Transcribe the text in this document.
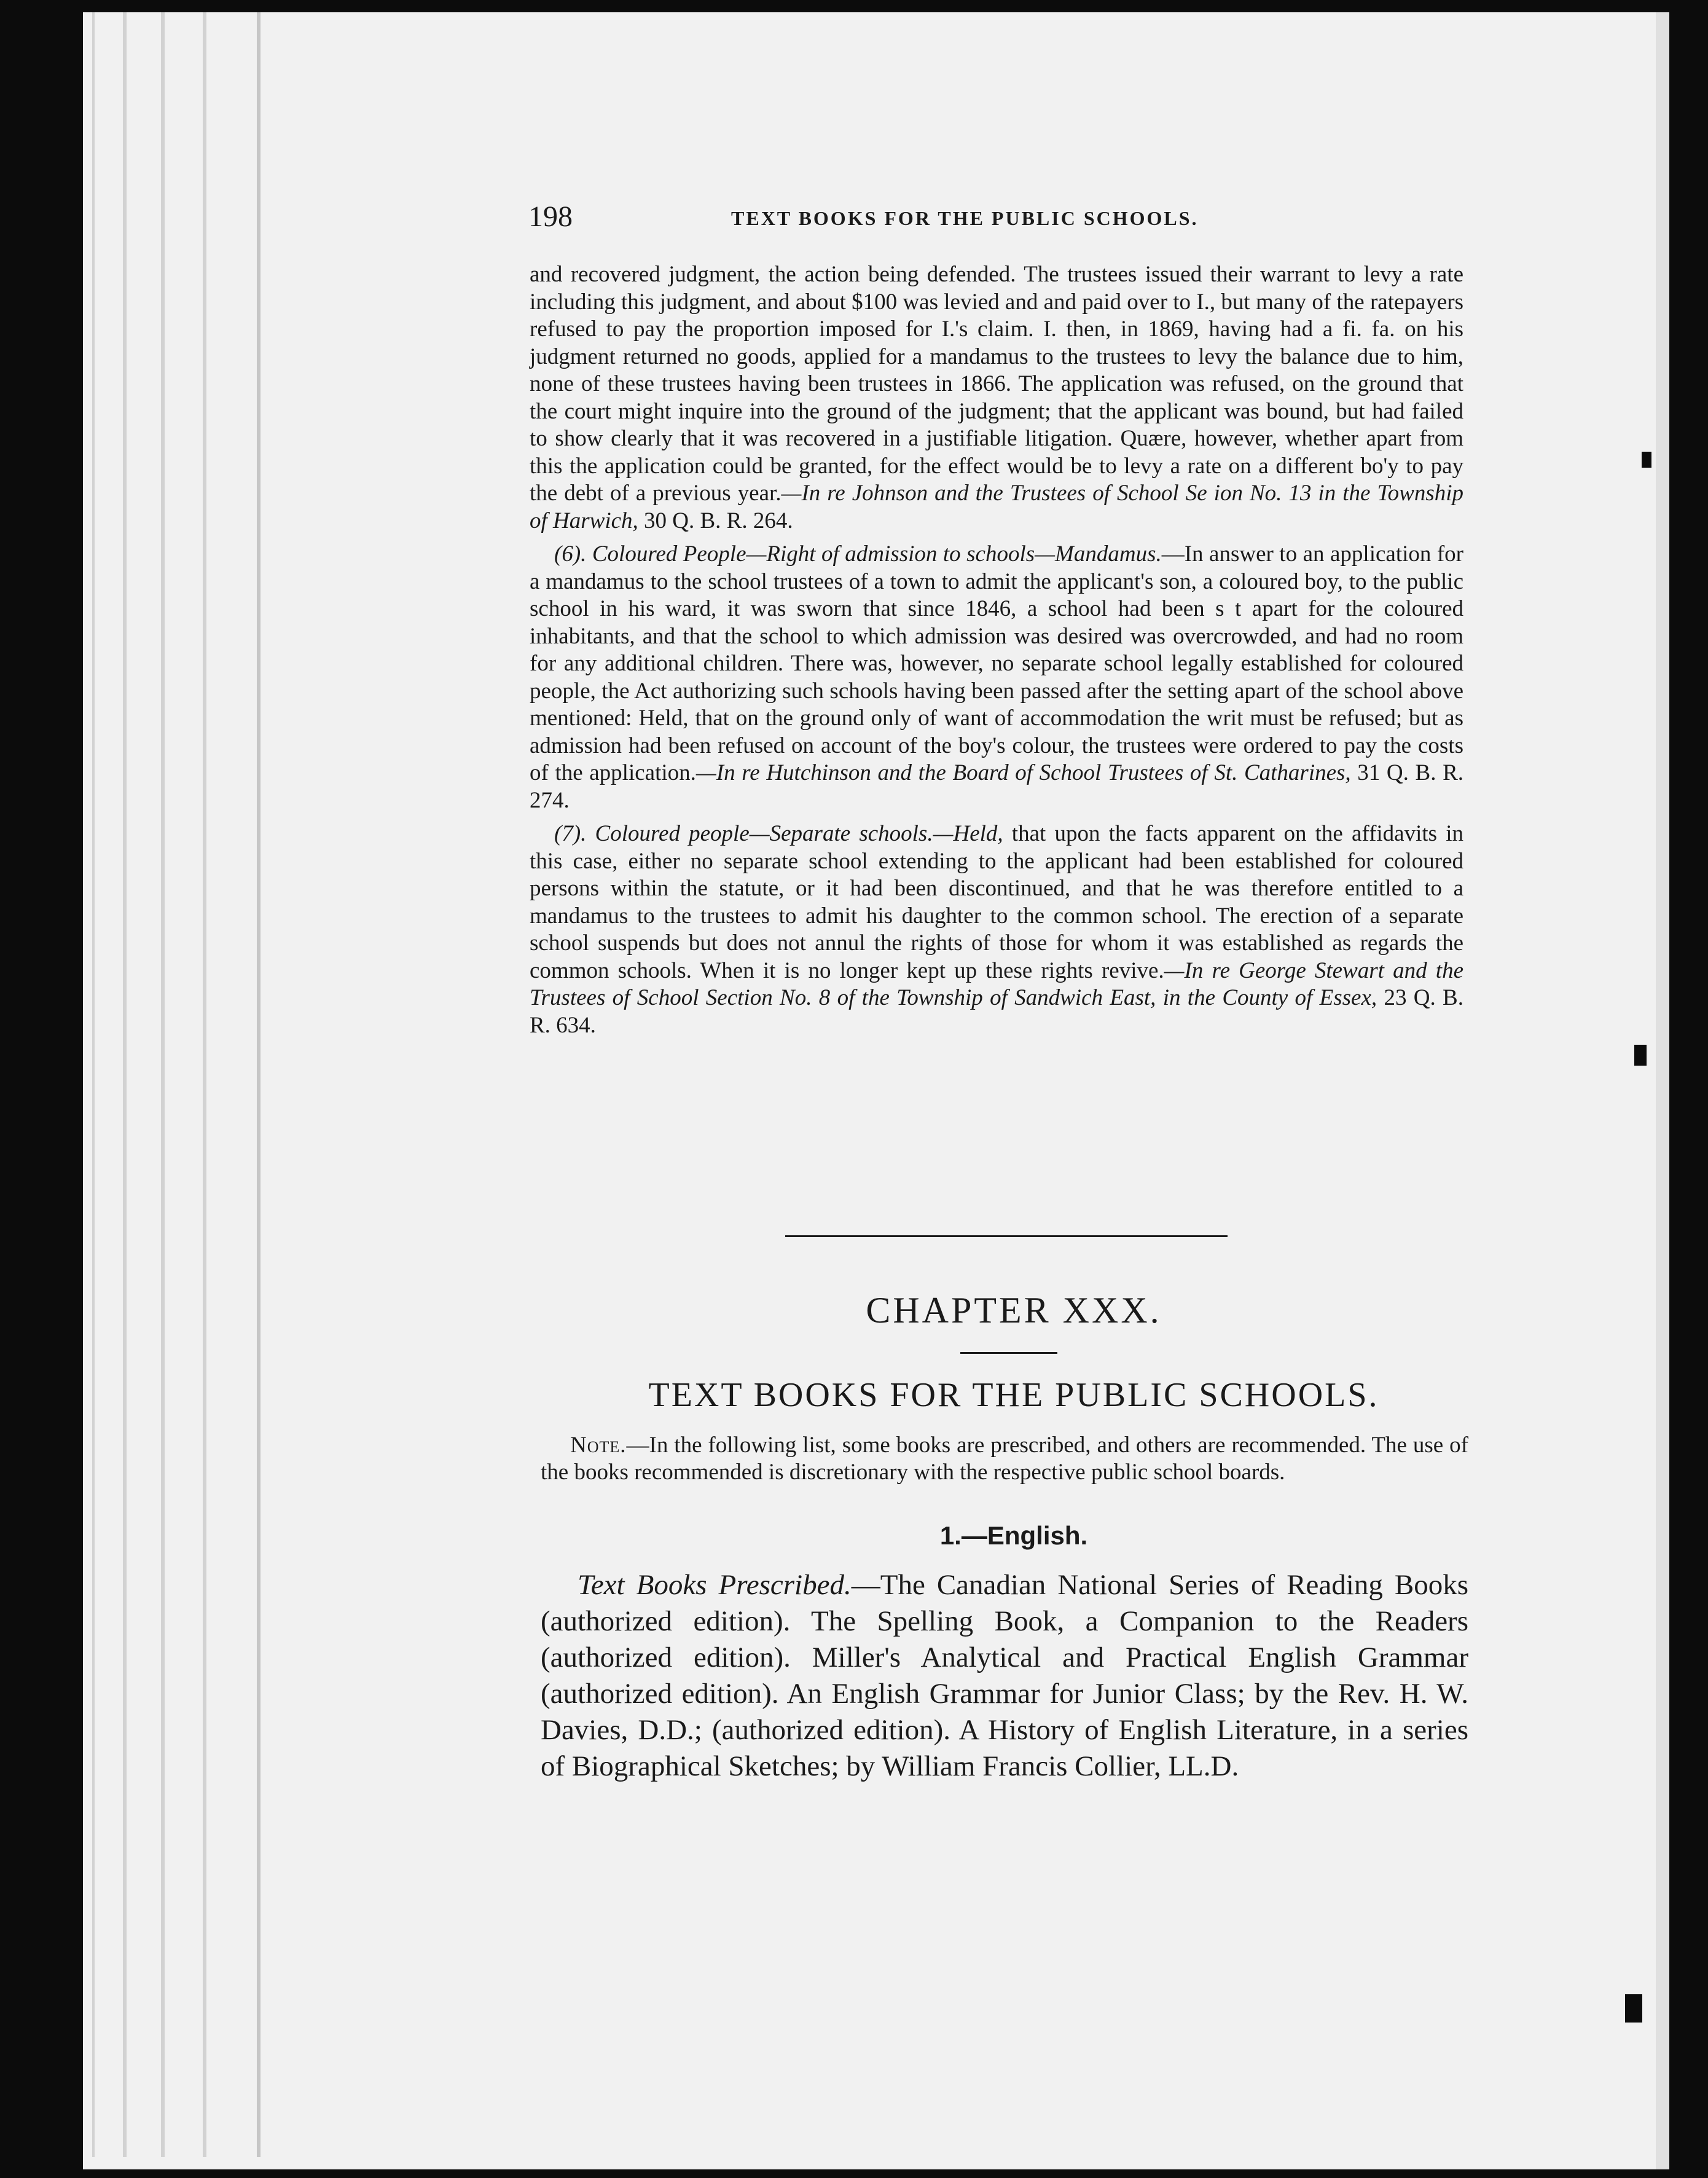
198	TEXT BOOKS FOR THE PUBLIC SCHOOLS.

and recovered judgment, the action being defended. The trustees issued their warrant to levy a rate including this judgment, and about $100 was levied and and paid over to I., but many of the ratepayers refused to pay the proportion imposed for I.'s claim. I. then, in 1869, having had a fi. fa. on his judgment returned no goods, applied for a mandamus to the trustees to levy the balance due to him, none of these trustees having been trustees in 1866. The application was refused, on the ground that the court might inquire into the ground of the judgment; that the applicant was bound, but had failed to show clearly that it was recovered in a justifiable litigation. Quære, however, whether apart from this the application could be granted, for the effect would be to levy a rate on a different bo'y to pay the debt of a previous year.—In re Johnson and the Trustees of School Se ion No. 13 in the Township of Harwich, 30 Q. B. R. 264.

(6). Coloured People—Right of admission to schools—Mandamus.—In answer to an application for a mandamus to the school trustees of a town to admit the applicant's son, a coloured boy, to the public school in his ward, it was sworn that since 1846, a school had been s t apart for the coloured inhabitants, and that the school to which admission was desired was overcrowded, and had no room for any additional children. There was, however, no separate school legally established for coloured people, the Act authorizing such schools having been passed after the setting apart of the school above mentioned: Held, that on the ground only of want of accommodation the writ must be refused; but as admission had been refused on account of the boy's colour, the trustees were ordered to pay the costs of the application.—In re Hutchinson and the Board of School Trustees of St. Catharines, 31 Q. B. R. 274.

(7). Coloured people—Separate schools.—Held, that upon the facts apparent on the affidavits in this case, either no separate school extending to the applicant had been established for coloured persons within the statute, or it had been discontinued, and that he was therefore entitled to a mandamus to the trustees to admit his daughter to the common school. The erection of a separate school suspends but does not annul the rights of those for whom it was established as regards the common schools. When it is no longer kept up these rights revive.—In re George Stewart and the Trustees of School Section No. 8 of the Township of Sandwich East, in the County of Essex, 23 Q. B. R. 634.

CHAPTER XXX.
TEXT BOOKS FOR THE PUBLIC SCHOOLS.

Note.—In the following list, some books are prescribed, and others are recommended. The use of the books recommended is discretionary with the respective public school boards.

1.—English.

Text Books Prescribed.—The Canadian National Series of Reading Books (authorized edition). The Spelling Book, a Companion to the Readers (authorized edition). Miller's Analytical and Practical English Grammar (authorized edition). An English Grammar for Junior Class; by the Rev. H. W. Davies, D.D.; (authorized edition). A History of English Literature, in a series of Biographical Sketches; by William Francis Collier, LL.D.
